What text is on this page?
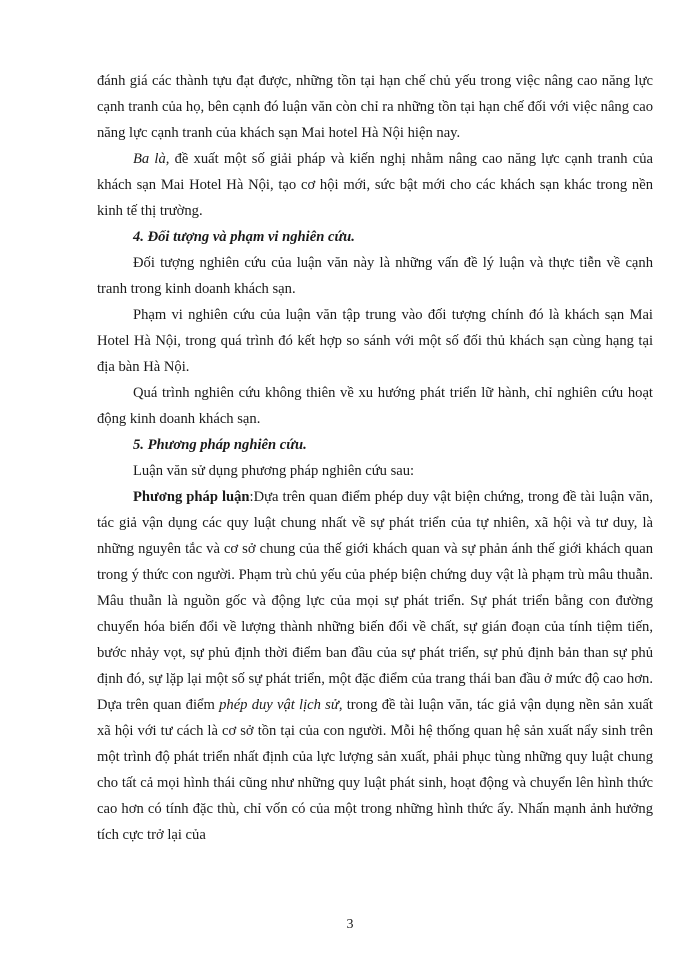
đánh giá các thành tựu đạt được, những tồn tại hạn chế chủ yếu trong việc nâng cao năng lực cạnh tranh của họ, bên cạnh đó luận văn còn chỉ ra những tồn tại hạn chế đối với việc nâng cao năng lực cạnh tranh của khách sạn Mai hotel Hà Nội hiện nay.

Ba là, đề xuất một số giải pháp và kiến nghị nhằm nâng cao năng lực cạnh tranh của khách sạn Mai Hotel Hà Nội, tạo cơ hội mới, sức bật mới cho các khách sạn khác trong nền kinh tế thị trường.

4. Đối tượng và phạm vi nghiên cứu.

Đối tượng nghiên cứu của luận văn này là những vấn đề lý luận và thực tiễn về cạnh tranh trong kinh doanh khách sạn.

Phạm vi nghiên cứu của luận văn tập trung vào đối tượng chính đó là khách sạn Mai Hotel Hà Nội, trong quá trình đó kết hợp so sánh với một số đối thủ khách sạn cùng hạng tại địa bàn Hà Nội.

Quá trình nghiên cứu không thiên về xu hướng phát triển lữ hành, chỉ nghiên cứu hoạt động kinh doanh khách sạn.

5. Phương pháp nghiên cứu.

Luận văn sử dụng phương pháp nghiên cứu sau:

Phương pháp luận:Dựa trên quan điểm phép duy vật biện chứng, trong đề tài luận văn, tác giả vận dụng các quy luật chung nhất về sự phát triển của tự nhiên, xã hội và tư duy, là những nguyên tắc và cơ sở chung của thế giới khách quan và sự phản ánh thế giới khách quan trong ý thức con người. Phạm trù chủ yếu của phép biện chứng duy vật là phạm trù mâu thuẫn. Mâu thuẫn là nguồn gốc và động lực của mọi sự phát triển. Sự phát triển bằng con đường chuyển hóa biến đổi về lượng thành những biến đổi về chất, sự gián đoạn của tính tiệm tiến, bước nhảy vọt, sự phủ định thời điểm ban đầu của sự phát triển, sự phủ định bản than sự phủ định đó, sự lặp lại một số sự phát triển, một đặc điểm của trang thái ban đầu ở mức độ cao hơn. Dựa trên quan điểm phép duy vật lịch sử, trong đề tài luận văn, tác giả vận dụng nền sản xuất xã hội với tư cách là cơ sở tồn tại của con người. Mỗi hệ thống quan hệ sản xuất nẩy sinh trên một trình độ phát triển nhất định của lực lượng sản xuất, phải phục tùng những quy luật chung cho tất cả mọi hình thái cũng như những quy luật phát sinh, hoạt động và chuyển lên hình thức cao hơn có tính đặc thù, chỉ vốn có của một trong những hình thức ấy. Nhấn mạnh ảnh hưởng tích cực trở lại của

3
